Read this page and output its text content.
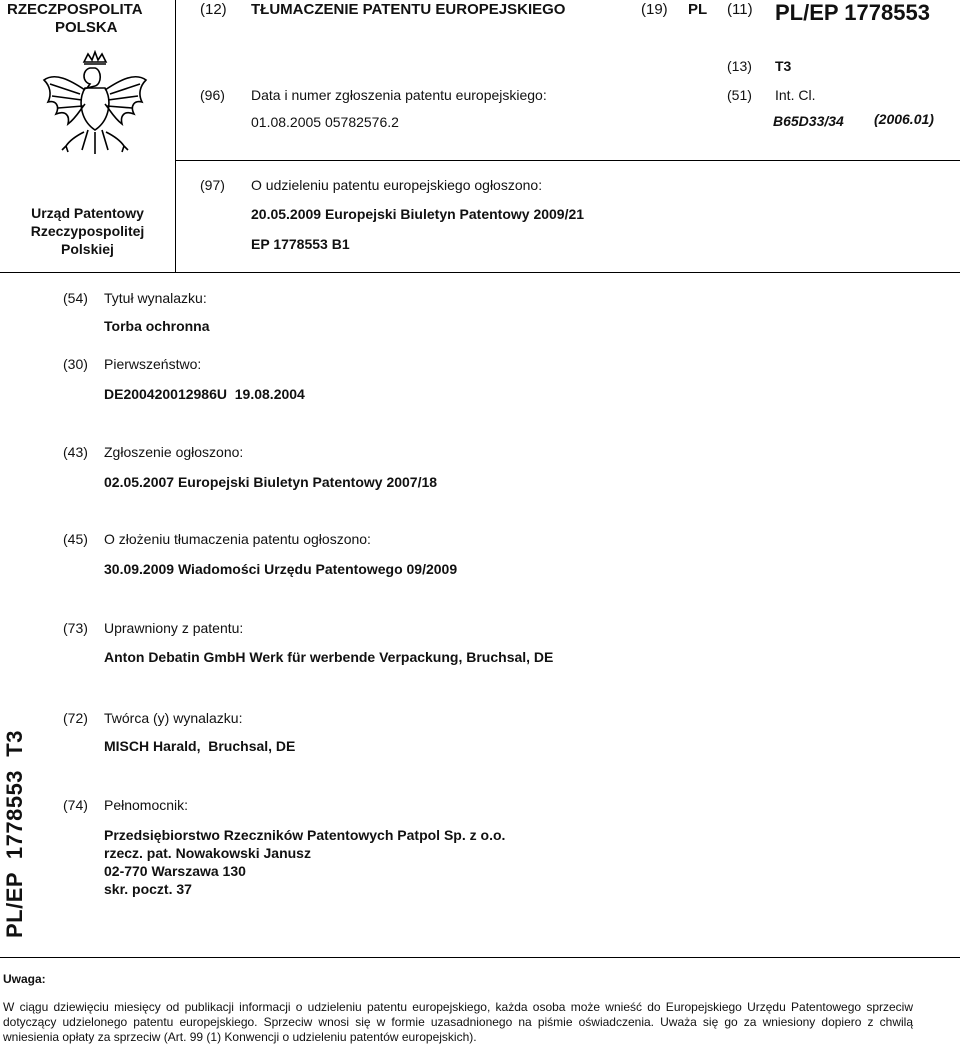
RZECZPOSPOLITA
POLSKA
(12) TŁUMACZENIE PATENTU EUROPEJSKIEGO	(19) PL (11) PL/EP 1778553
(13) T3
(96) Data i numer zgłoszenia patentu europejskiego:
01.08.2005 05782576.2
(51) Int. Cl.
B65D33/34 (2006.01)
(97) O udzieleniu patentu europejskiego ogłoszono:
20.05.2009 Europejski Biuletyn Patentowy 2009/21
EP 1778553 B1
Urząd Patentowy
Rzeczypospolitej
Polskiej
(54) Tytuł wynalazku:
Torba ochronna
(30) Pierwszeństwo:
DE200420012986U  19.08.2004
(43) Zgłoszenie ogłoszono:
02.05.2007 Europejski Biuletyn Patentowy 2007/18
(45) O złożeniu tłumaczenia patentu ogłoszono:
30.09.2009 Wiadomości Urzędu Patentowego 09/2009
(73) Uprawniony z patentu:
Anton Debatin GmbH Werk für werbende Verpackung, Bruchsal, DE
(72) Twórca (y) wynalazku:
MISCH Harald,  Bruchsal, DE
(74) Pełnomocnik:
Przedsiębiorstwo Rzeczników Patentowych Patpol Sp. z o.o.
rzecz. pat. Nowakowski Janusz
02-770 Warszawa 130
skr. poczt. 37
PL/EP  1778553  T3
Uwaga:
W ciągu dziewięciu miesięcy od publikacji informacji o udzieleniu patentu europejskiego, każda osoba może wnieść do Europejskiego Urzędu Patentowego sprzeciw dotyczący udzielonego patentu europejskiego. Sprzeciw wnosi się w formie uzasadnionego na piśmie oświadczenia. Uważa się go za wniesiony dopiero z chwilą wniesienia opłaty za sprzeciw (Art. 99 (1) Konwencji o udzieleniu patentów europejskich).
